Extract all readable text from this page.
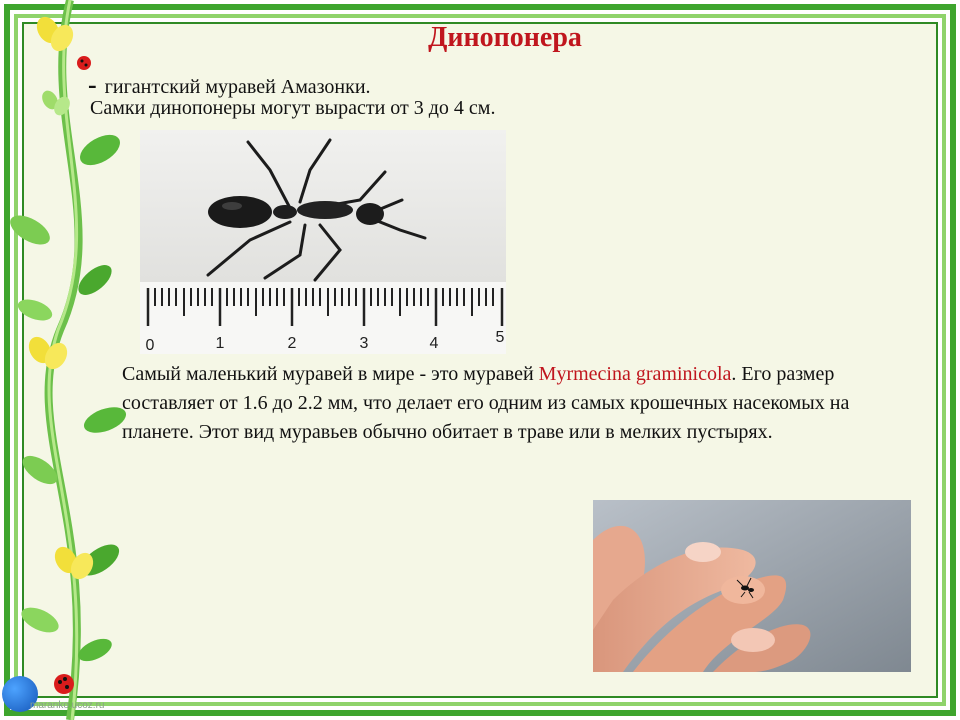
maranko.ucoz.ru
Динопонера
- гигантский муравей Амазонки.
Самки динопонеры могут вырасти от 3 до 4 см.
0	1	2	3	4	5
Самый маленький муравей в мире - это муравей Myrmecina graminicola. Его размер составляет от 1.6 до 2.2 мм, что делает его одним из самых крошечных насекомых на планете. Этот вид муравьев обычно обитает в траве или в мелких пустырях.
